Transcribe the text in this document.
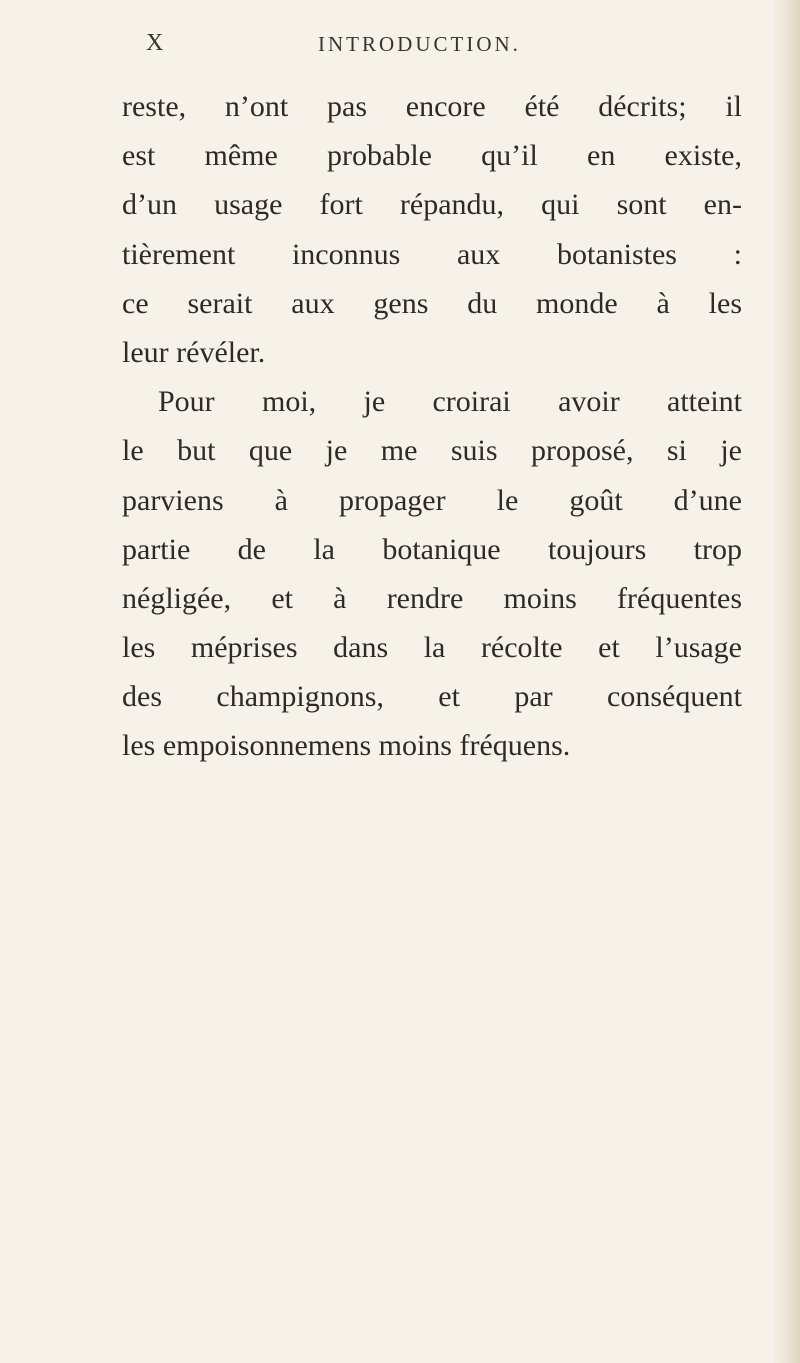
X	INTRODUCTION.
reste, n’ont pas encore été décrits; il
est même probable qu’il en existe,
d’un usage fort répandu, qui sont en-
tièrement inconnus aux botanistes :
ce serait aux gens du monde à les
leur révéler.
Pour moi, je croirai avoir atteint
le but que je me suis proposé, si je
parviens à propager le goût d’une
partie de la botanique toujours trop
négligée, et à rendre moins fréquentes
les méprises dans la récolte et l’usage
des champignons, et par conséquent
les empoisonnemens moins fréquens.
